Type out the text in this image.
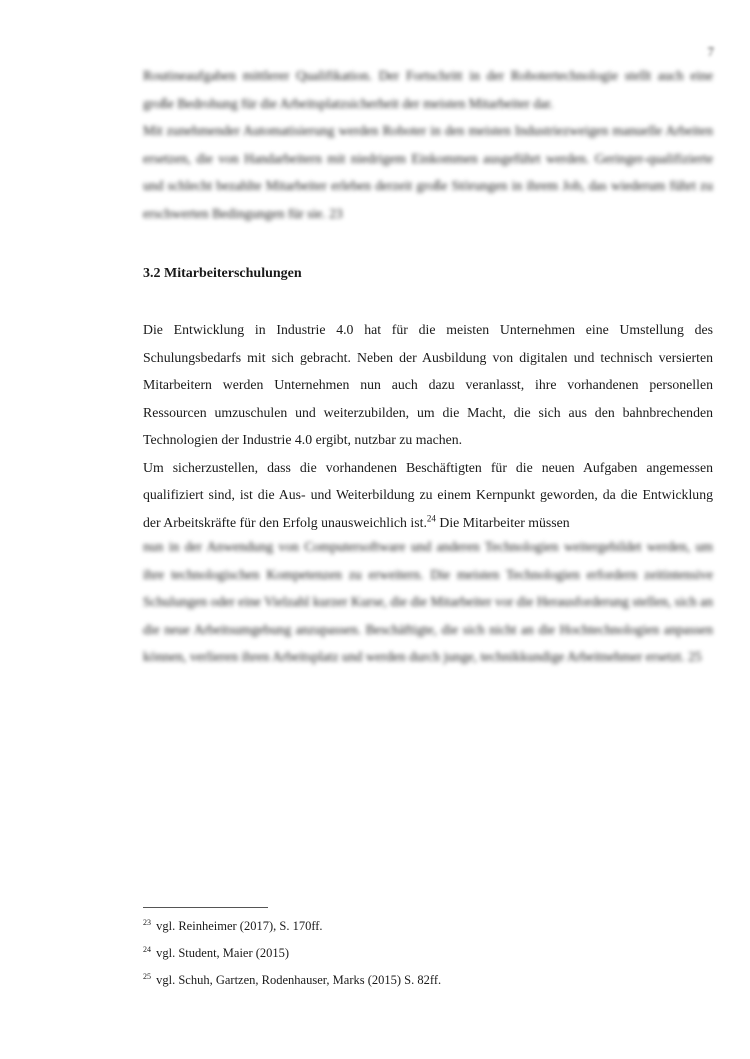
7

Routineaufgaben mittlerer Qualifikation. Der Fortschritt in der Robotertechnologie stellt auch eine große Bedrohung für die Arbeitsplatzsicherheit der meisten Mitarbeiter dar.

Mit zunehmender Automatisierung werden Roboter in den meisten Industriezweigen manuelle Arbeiten ersetzen, die von Handarbeitern mit niedrigem Einkommen ausgeführt werden. Geringer-qualifizierte und schlecht bezahlte Mitarbeiter erleben derzeit große Störungen in ihrem Job, das wiederum führt zu erschwerten Bedingungen für sie. 23

3.2 Mitarbeiterschulungen

Die Entwicklung in Industrie 4.0 hat für die meisten Unternehmen eine Umstellung des Schulungsbedarfs mit sich gebracht. Neben der Ausbildung von digitalen und technisch versierten Mitarbeitern werden Unternehmen nun auch dazu veranlasst, ihre vorhandenen personellen Ressourcen umzuschulen und weiterzubilden, um die Macht, die sich aus den bahnbrechenden Technologien der Industrie 4.0 ergibt, nutzbar zu machen.

Um sicherzustellen, dass die vorhandenen Beschäftigten für die neuen Aufgaben angemessen qualifiziert sind, ist die Aus- und Weiterbildung zu einem Kernpunkt geworden, da die Entwicklung der Arbeitskräfte für den Erfolg unausweichlich ist.$^{24}$ Die Mitarbeiter müssen

nun in der Anwendung von Computersoftware und anderen Technologien weitergebildet werden, um ihre technologischen Kompetenzen zu erweitern. Die meisten Technologien erfordern zeitintensive Schulungen oder eine Vielzahl kurzer Kurse, die die Mitarbeiter vor die Herausforderung stellen, sich an die neue Arbeitsumgebung anzupassen. Beschäftigte, die sich nicht an die Hochtechnologien anpassen können, verlieren ihren Arbeitsplatz und werden durch junge, technikkundige Arbeitnehmer ersetzt. 25

$^{23}$ vgl. Reinheimer (2017), S. 170ff.
$^{24}$ vgl. Student, Maier (2015)
$^{25}$ vgl. Schuh, Gartzen, Rodenhauser, Marks (2015) S. 82ff.
